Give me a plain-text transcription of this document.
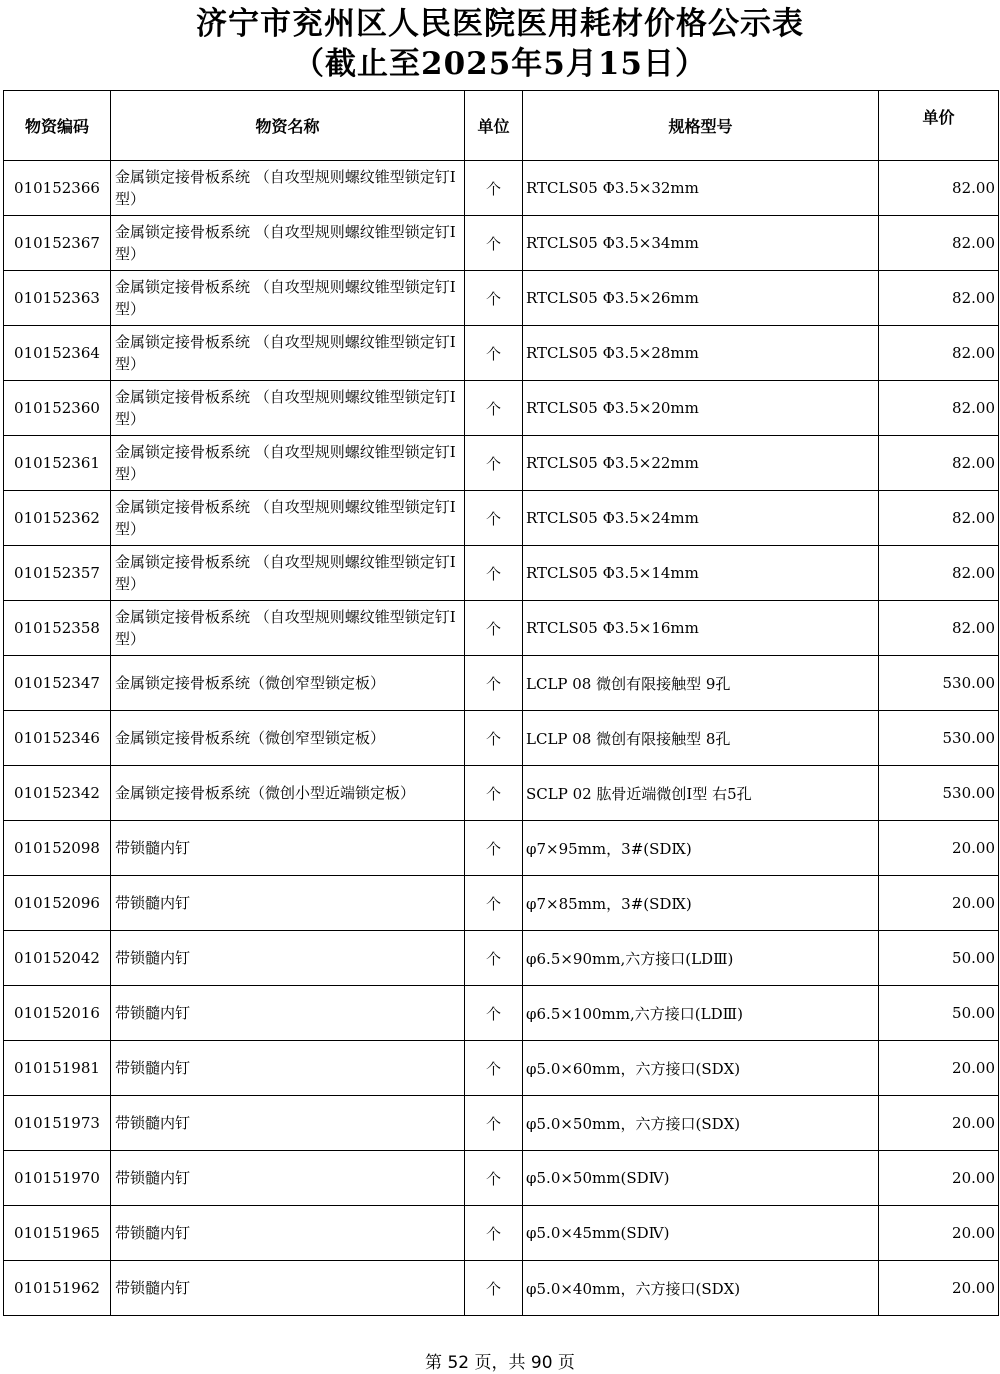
济宁市兖州区人民医院医用耗材价格公示表
（截止至2025年5月15日）
物资编码	物资名称	单位	规格型号	单价
010152366	金属锁定接骨板系统 （自攻型规则螺纹锥型锁定钉I型）	个	RTCLS05 Φ3.5×32mm	82.00
010152367	金属锁定接骨板系统 （自攻型规则螺纹锥型锁定钉I型）	个	RTCLS05 Φ3.5×34mm	82.00
010152363	金属锁定接骨板系统 （自攻型规则螺纹锥型锁定钉I型）	个	RTCLS05 Φ3.5×26mm	82.00
010152364	金属锁定接骨板系统 （自攻型规则螺纹锥型锁定钉I型）	个	RTCLS05 Φ3.5×28mm	82.00
010152360	金属锁定接骨板系统 （自攻型规则螺纹锥型锁定钉I型）	个	RTCLS05 Φ3.5×20mm	82.00
010152361	金属锁定接骨板系统 （自攻型规则螺纹锥型锁定钉I型）	个	RTCLS05 Φ3.5×22mm	82.00
010152362	金属锁定接骨板系统 （自攻型规则螺纹锥型锁定钉I型）	个	RTCLS05 Φ3.5×24mm	82.00
010152357	金属锁定接骨板系统 （自攻型规则螺纹锥型锁定钉I型）	个	RTCLS05 Φ3.5×14mm	82.00
010152358	金属锁定接骨板系统 （自攻型规则螺纹锥型锁定钉I型）	个	RTCLS05 Φ3.5×16mm	82.00
010152347	金属锁定接骨板系统（微创窄型锁定板）	个	LCLP 08 微创有限接触型 9孔	530.00
010152346	金属锁定接骨板系统（微创窄型锁定板）	个	LCLP 08 微创有限接触型 8孔	530.00
010152342	金属锁定接骨板系统（微创小型近端锁定板）	个	SCLP 02 肱骨近端微创Ⅰ型 右5孔	530.00
010152098	带锁髓内钉	个	φ7×95mm，3#(SDⅨ)	20.00
010152096	带锁髓内钉	个	φ7×85mm，3#(SDⅨ)	20.00
010152042	带锁髓内钉	个	φ6.5×90mm,六方接口(LDⅢ)	50.00
010152016	带锁髓内钉	个	φ6.5×100mm,六方接口(LDⅢ)	50.00
010151981	带锁髓内钉	个	φ5.0×60mm，六方接口(SDⅩ)	20.00
010151973	带锁髓内钉	个	φ5.0×50mm，六方接口(SDⅩ)	20.00
010151970	带锁髓内钉	个	φ5.0×50mm(SDⅣ)	20.00
010151965	带锁髓内钉	个	φ5.0×45mm(SDⅣ)	20.00
010151962	带锁髓内钉	个	φ5.0×40mm，六方接口(SDⅩ)	20.00
第 52 页，共 90 页
